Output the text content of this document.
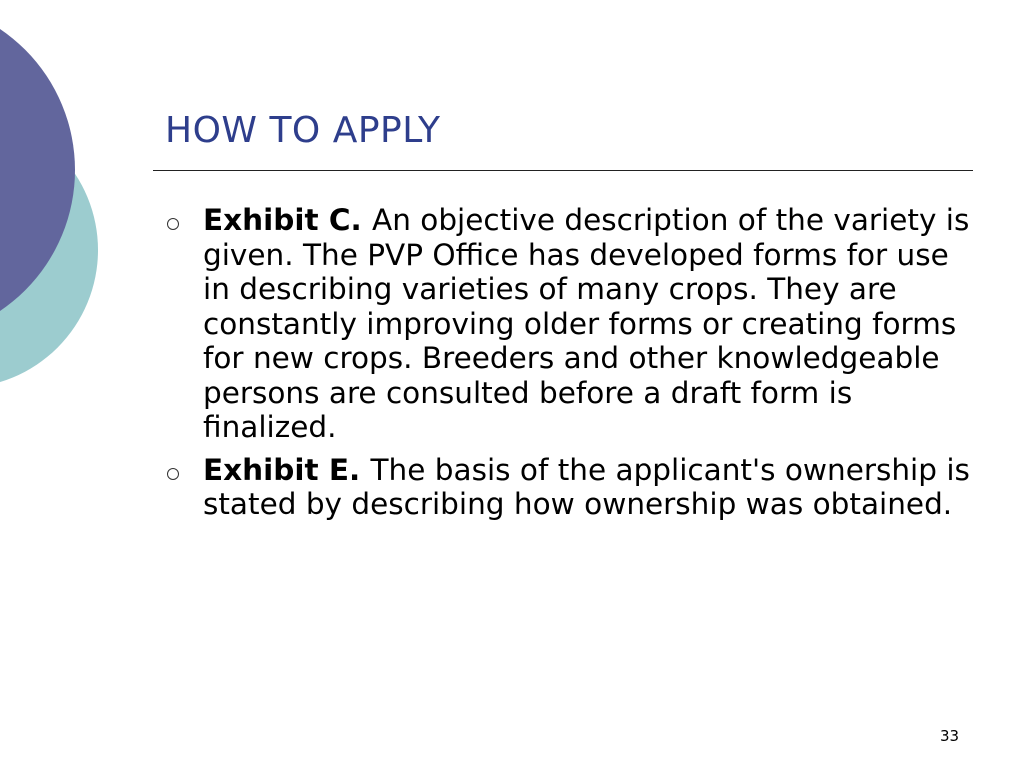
HOW TO APPLY
Exhibit C. An objective description of the variety is given. The PVP Office has developed forms for use in describing varieties of many crops. They are constantly improving older forms or creating forms for new crops. Breeders and other knowledgeable persons are consulted before a draft form is finalized.
Exhibit E. The basis of the applicant's ownership is stated by describing how ownership was obtained.
33
